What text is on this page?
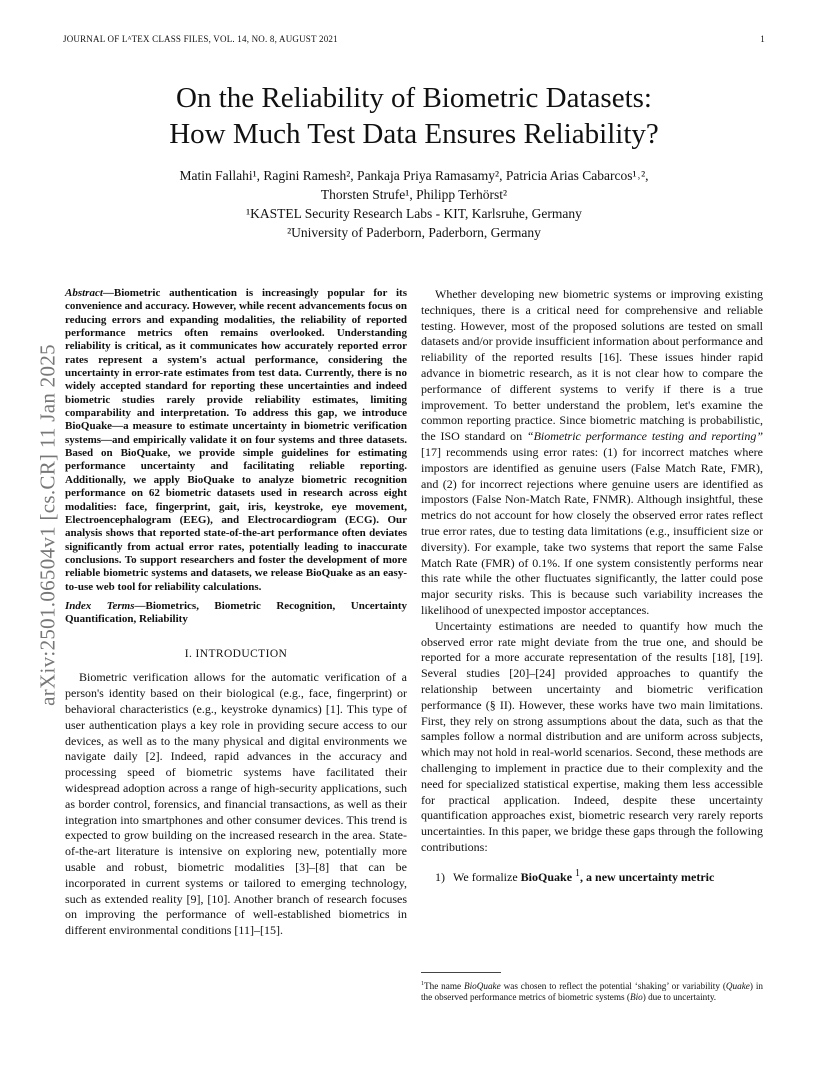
JOURNAL OF LᴬTEX CLASS FILES, VOL. 14, NO. 8, AUGUST 2021	1
On the Reliability of Biometric Datasets:
How Much Test Data Ensures Reliability?
Matin Fallahi¹, Ragini Ramesh², Pankaja Priya Ramasamy², Patricia Arias Cabarcos¹˒²,
Thorsten Strufe¹, Philipp Terhörst²
¹KASTEL Security Research Labs - KIT, Karlsruhe, Germany
²University of Paderborn, Paderborn, Germany
arXiv:2501.06504v1 [cs.CR] 11 Jan 2025

Abstract—Biometric authentication is increasingly popular for its convenience and accuracy. However, while recent advancements focus on reducing errors and expanding modalities, the reliability of reported performance metrics often remains overlooked. Understanding reliability is critical, as it communicates how accurately reported error rates represent a system's actual performance, considering the uncertainty in error-rate estimates from test data. Currently, there is no widely accepted standard for reporting these uncertainties and indeed biometric studies rarely provide reliability estimates, limiting comparability and interpretation. To address this gap, we introduce BioQuake—a measure to estimate uncertainty in biometric verification systems—and empirically validate it on four systems and three datasets. Based on BioQuake, we provide simple guidelines for estimating performance uncertainty and facilitating reliable reporting. Additionally, we apply BioQuake to analyze biometric recognition performance on 62 biometric datasets used in research across eight modalities: face, fingerprint, gait, iris, keystroke, eye movement, Electroencephalogram (EEG), and Electrocardiogram (ECG). Our analysis shows that reported state-of-the-art performance often deviates significantly from actual error rates, potentially leading to inaccurate conclusions. To support researchers and foster the development of more reliable biometric systems and datasets, we release BioQuake as an easy-to-use web tool for reliability calculations.

Index Terms—Biometrics, Biometric Recognition, Uncertainty Quantification, Reliability

I. INTRODUCTION

Biometric verification allows for the automatic verification of a person's identity based on their biological (e.g., face, fingerprint) or behavioral characteristics (e.g., keystroke dynamics) [1]. This type of user authentication plays a key role in providing secure access to our devices, as well as to the many physical and digital environments we navigate daily [2]. Indeed, rapid advances in the accuracy and processing speed of biometric systems have facilitated their widespread adoption across a range of high-security applications, such as border control, forensics, and financial transactions, as well as their integration into smartphones and other consumer devices. This trend is expected to grow building on the increased research in the area. State-of-the-art literature is intensive on exploring new, potentially more usable and robust, biometric modalities [3]–[8] that can be incorporated in current systems or tailored to emerging technology, such as extended reality [9], [10]. Another branch of research focuses on improving the performance of well-established biometrics in different environmental conditions [11]–[15].

Whether developing new biometric systems or improving existing techniques, there is a critical need for comprehensive and reliable testing. However, most of the proposed solutions are tested on small datasets and/or provide insufficient information about performance and reliability of the reported results [16]. These issues hinder rapid advance in biometric research, as it is not clear how to compare the performance of different systems to verify if there is a true improvement. To better understand the problem, let's examine the common reporting practice. Since biometric matching is probabilistic, the ISO standard on “Biometric performance testing and reporting” [17] recommends using error rates: (1) for incorrect matches where impostors are identified as genuine users (False Match Rate, FMR), and (2) for incorrect rejections where genuine users are identified as impostors (False Non-Match Rate, FNMR). Although insightful, these metrics do not account for how closely the observed error rates reflect true error rates, due to testing data limitations (e.g., insufficient size or diversity). For example, take two systems that report the same False Match Rate (FMR) of 0.1%. If one system consistently performs near this rate while the other fluctuates significantly, the latter could pose major security risks. This is because such variability increases the likelihood of unexpected impostor acceptances.

Uncertainty estimations are needed to quantify how much the observed error rate might deviate from the true one, and should be reported for a more accurate representation of the results [18], [19]. Several studies [20]–[24] provided approaches to quantify the relationship between uncertainty and biometric verification performance (§ II). However, these works have two main limitations. First, they rely on strong assumptions about the data, such as that the samples follow a normal distribution and are uniform across subjects, which may not hold in real-world scenarios. Second, these methods are challenging to implement in practice due to their complexity and the need for specialized statistical expertise, making them less accessible for practical application. Indeed, despite these uncertainty quantification approaches exist, biometric research very rarely reports uncertainties. In this paper, we bridge these gaps through the following contributions:

1) We formalize BioQuake $^1$, a new uncertainty metric

$^1$The name BioQuake was chosen to reflect the potential ‘shaking’ or variability (Quake) in the observed performance metrics of biometric systems (Bio) due to uncertainty.
